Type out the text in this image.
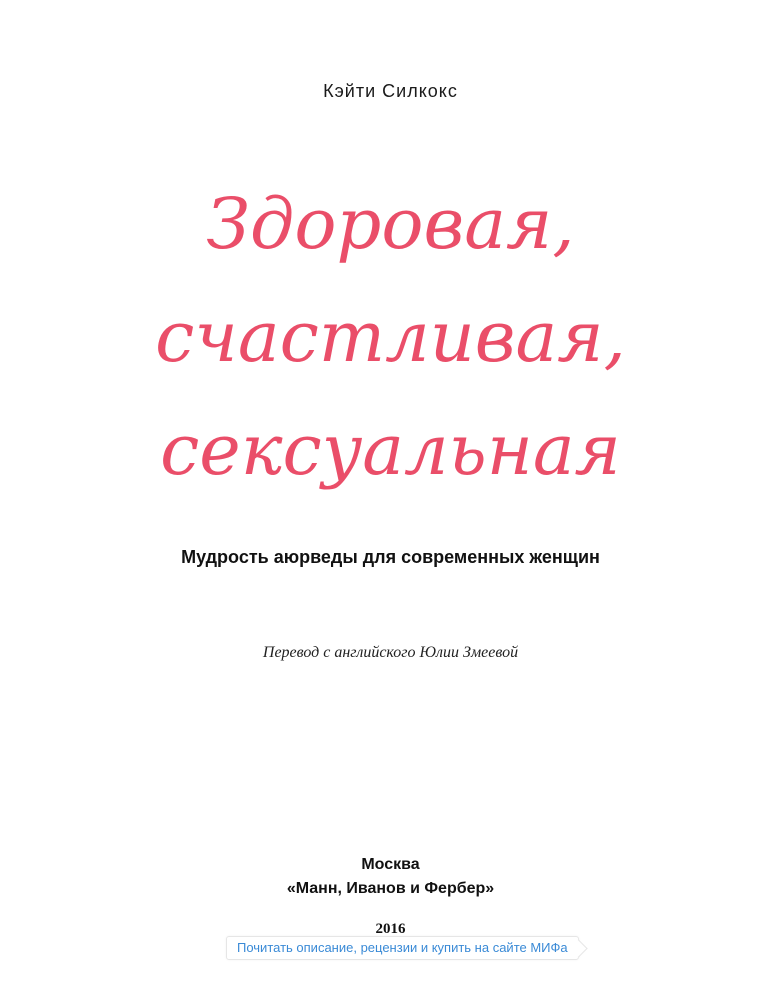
Кэйти Силкокс
Здоровая,
счастливая,
сексуальная
Мудрость аюрведы для современных женщин
Перевод с английского Юлии Змеевой
Москва
«Манн, Иванов и Фербер»
2016
Почитать описание, рецензии и купить на сайте МИФа
